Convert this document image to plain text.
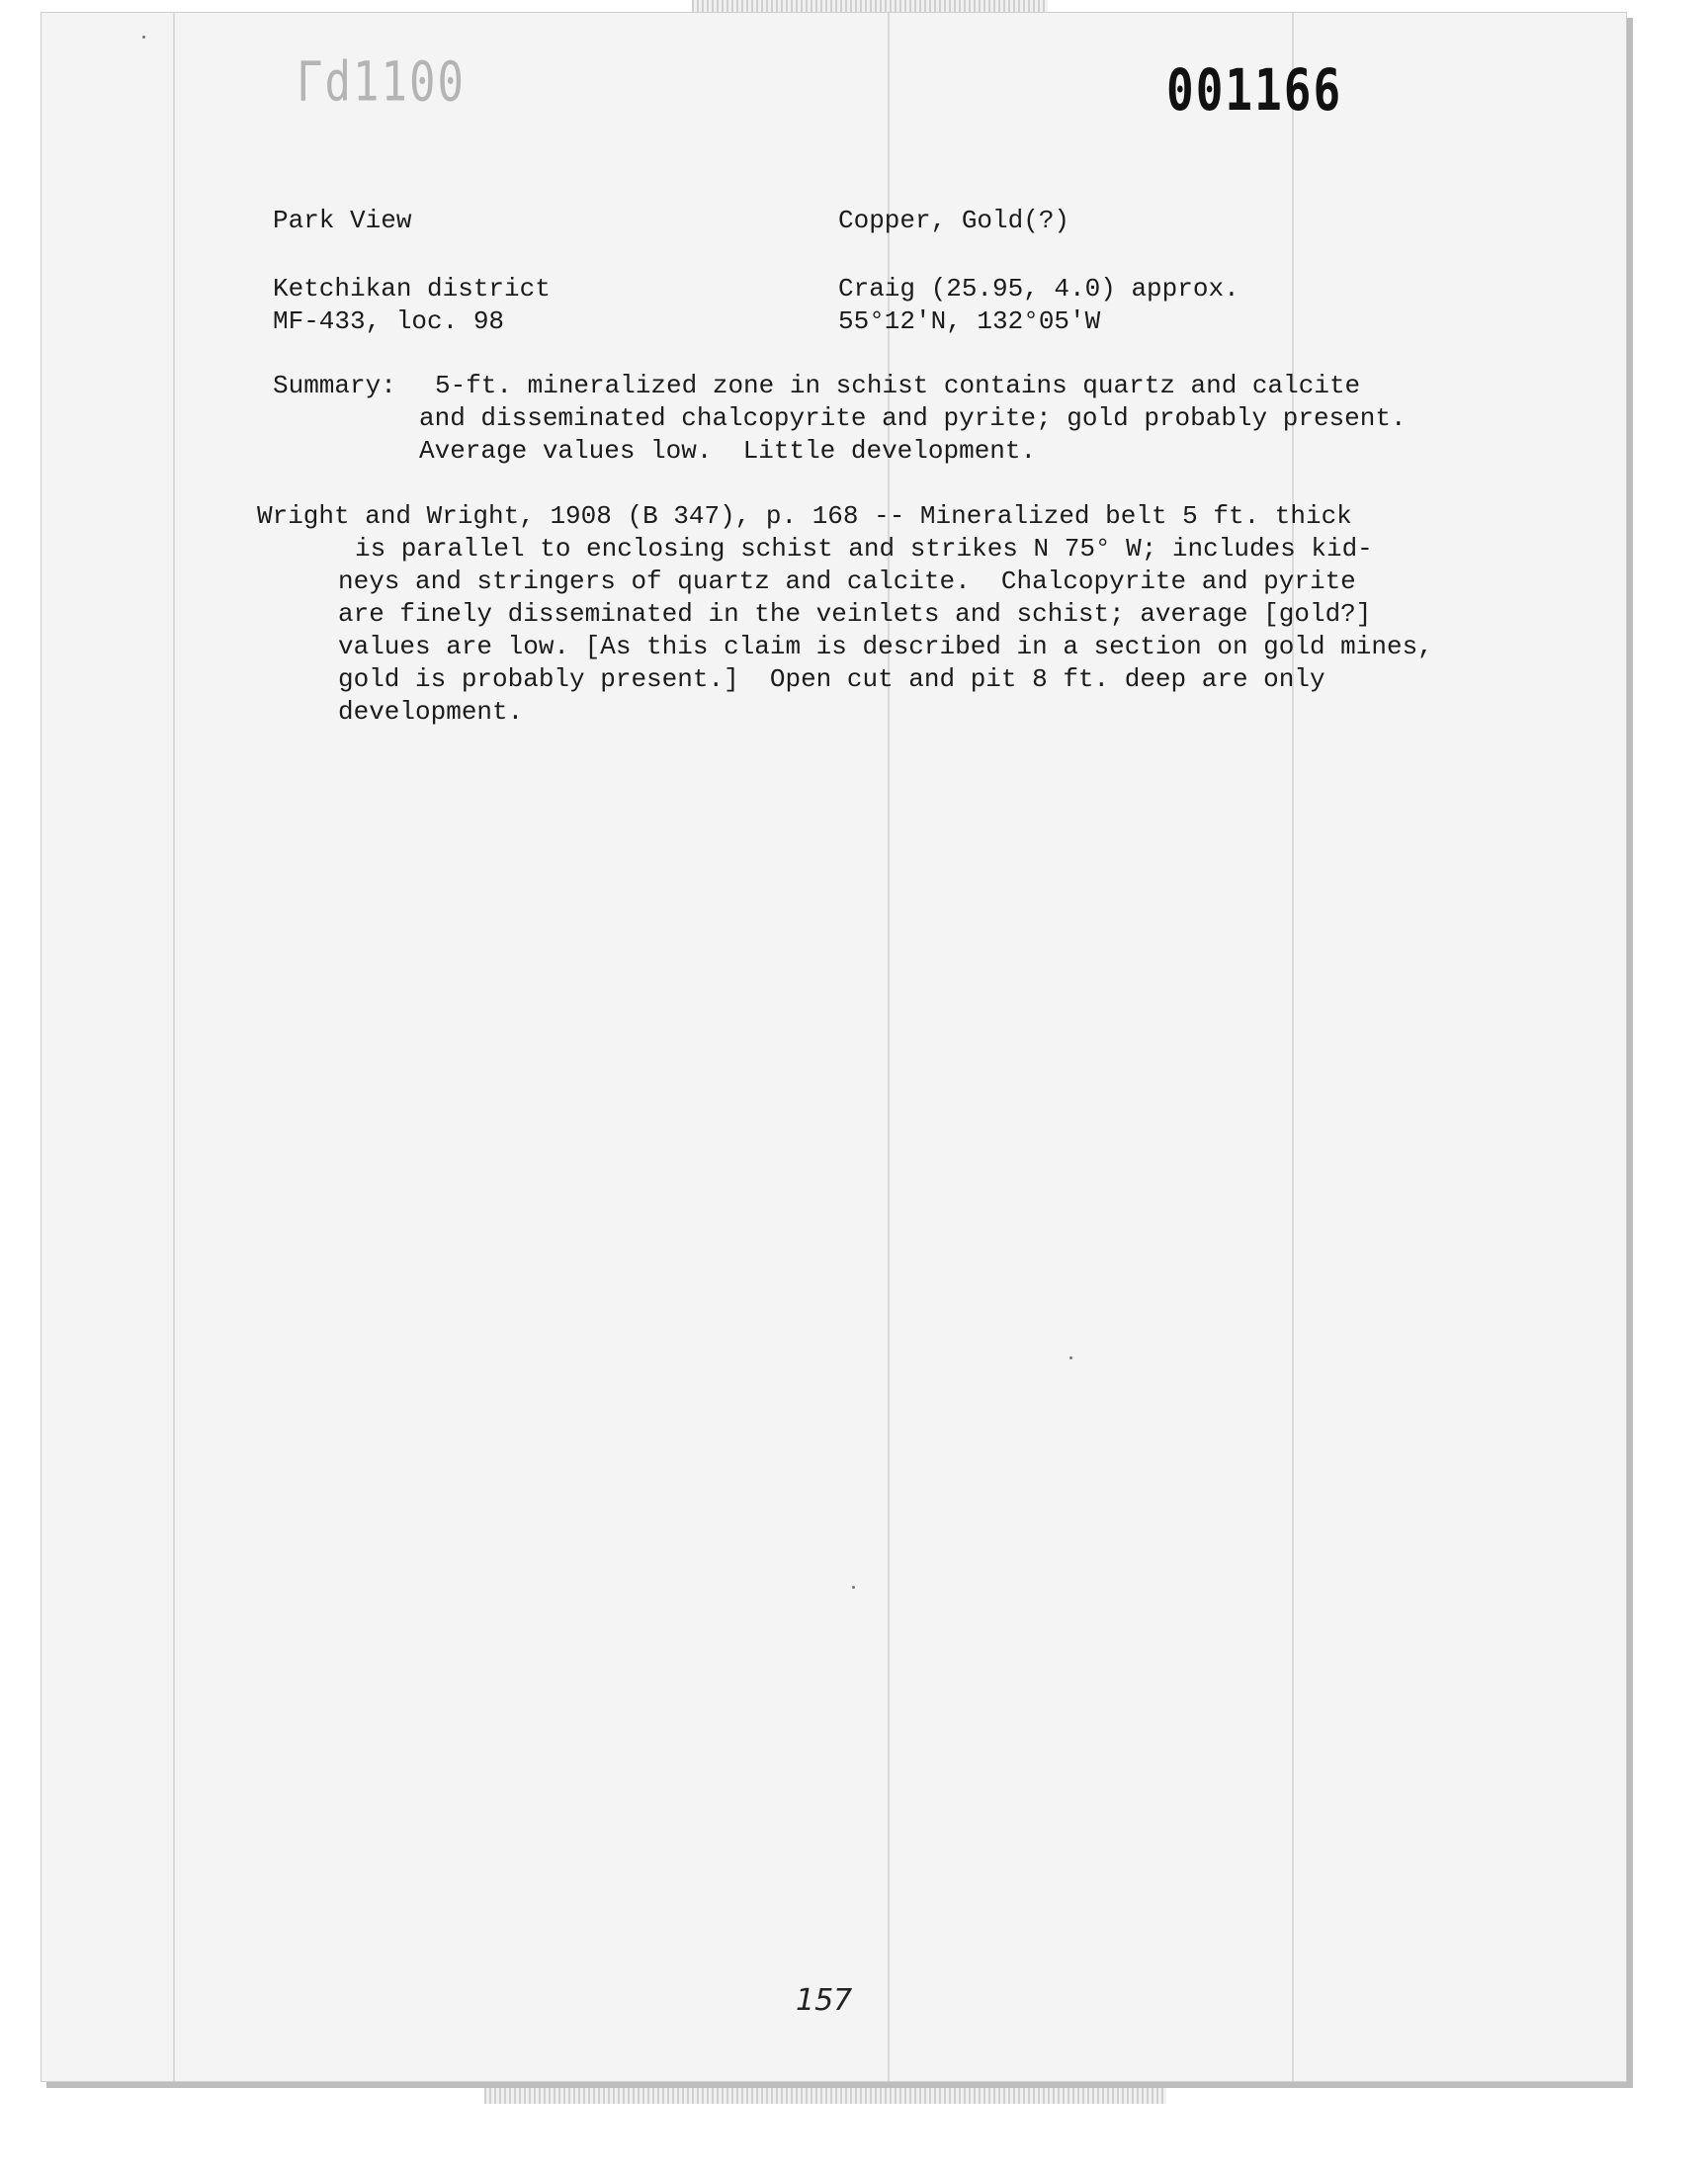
Γd1100	001166
Park View	Copper, Gold(?)
Ketchikan district	Craig (25.95, 4.0) approx.
MF-433, loc. 98	55°12'N, 132°05'W
Summary: 5-ft. mineralized zone in schist contains quartz and calcite
and disseminated chalcopyrite and pyrite; gold probably present.
Average values low.  Little development.
Wright and Wright, 1908 (B 347), p. 168 -- Mineralized belt 5 ft. thick
is parallel to enclosing schist and strikes N 75° W; includes kid-
neys and stringers of quartz and calcite.  Chalcopyrite and pyrite
are finely disseminated in the veinlets and schist; average [gold?]
values are low. [As this claim is described in a section on gold mines,
gold is probably present.]  Open cut and pit 8 ft. deep are only
development.
157
